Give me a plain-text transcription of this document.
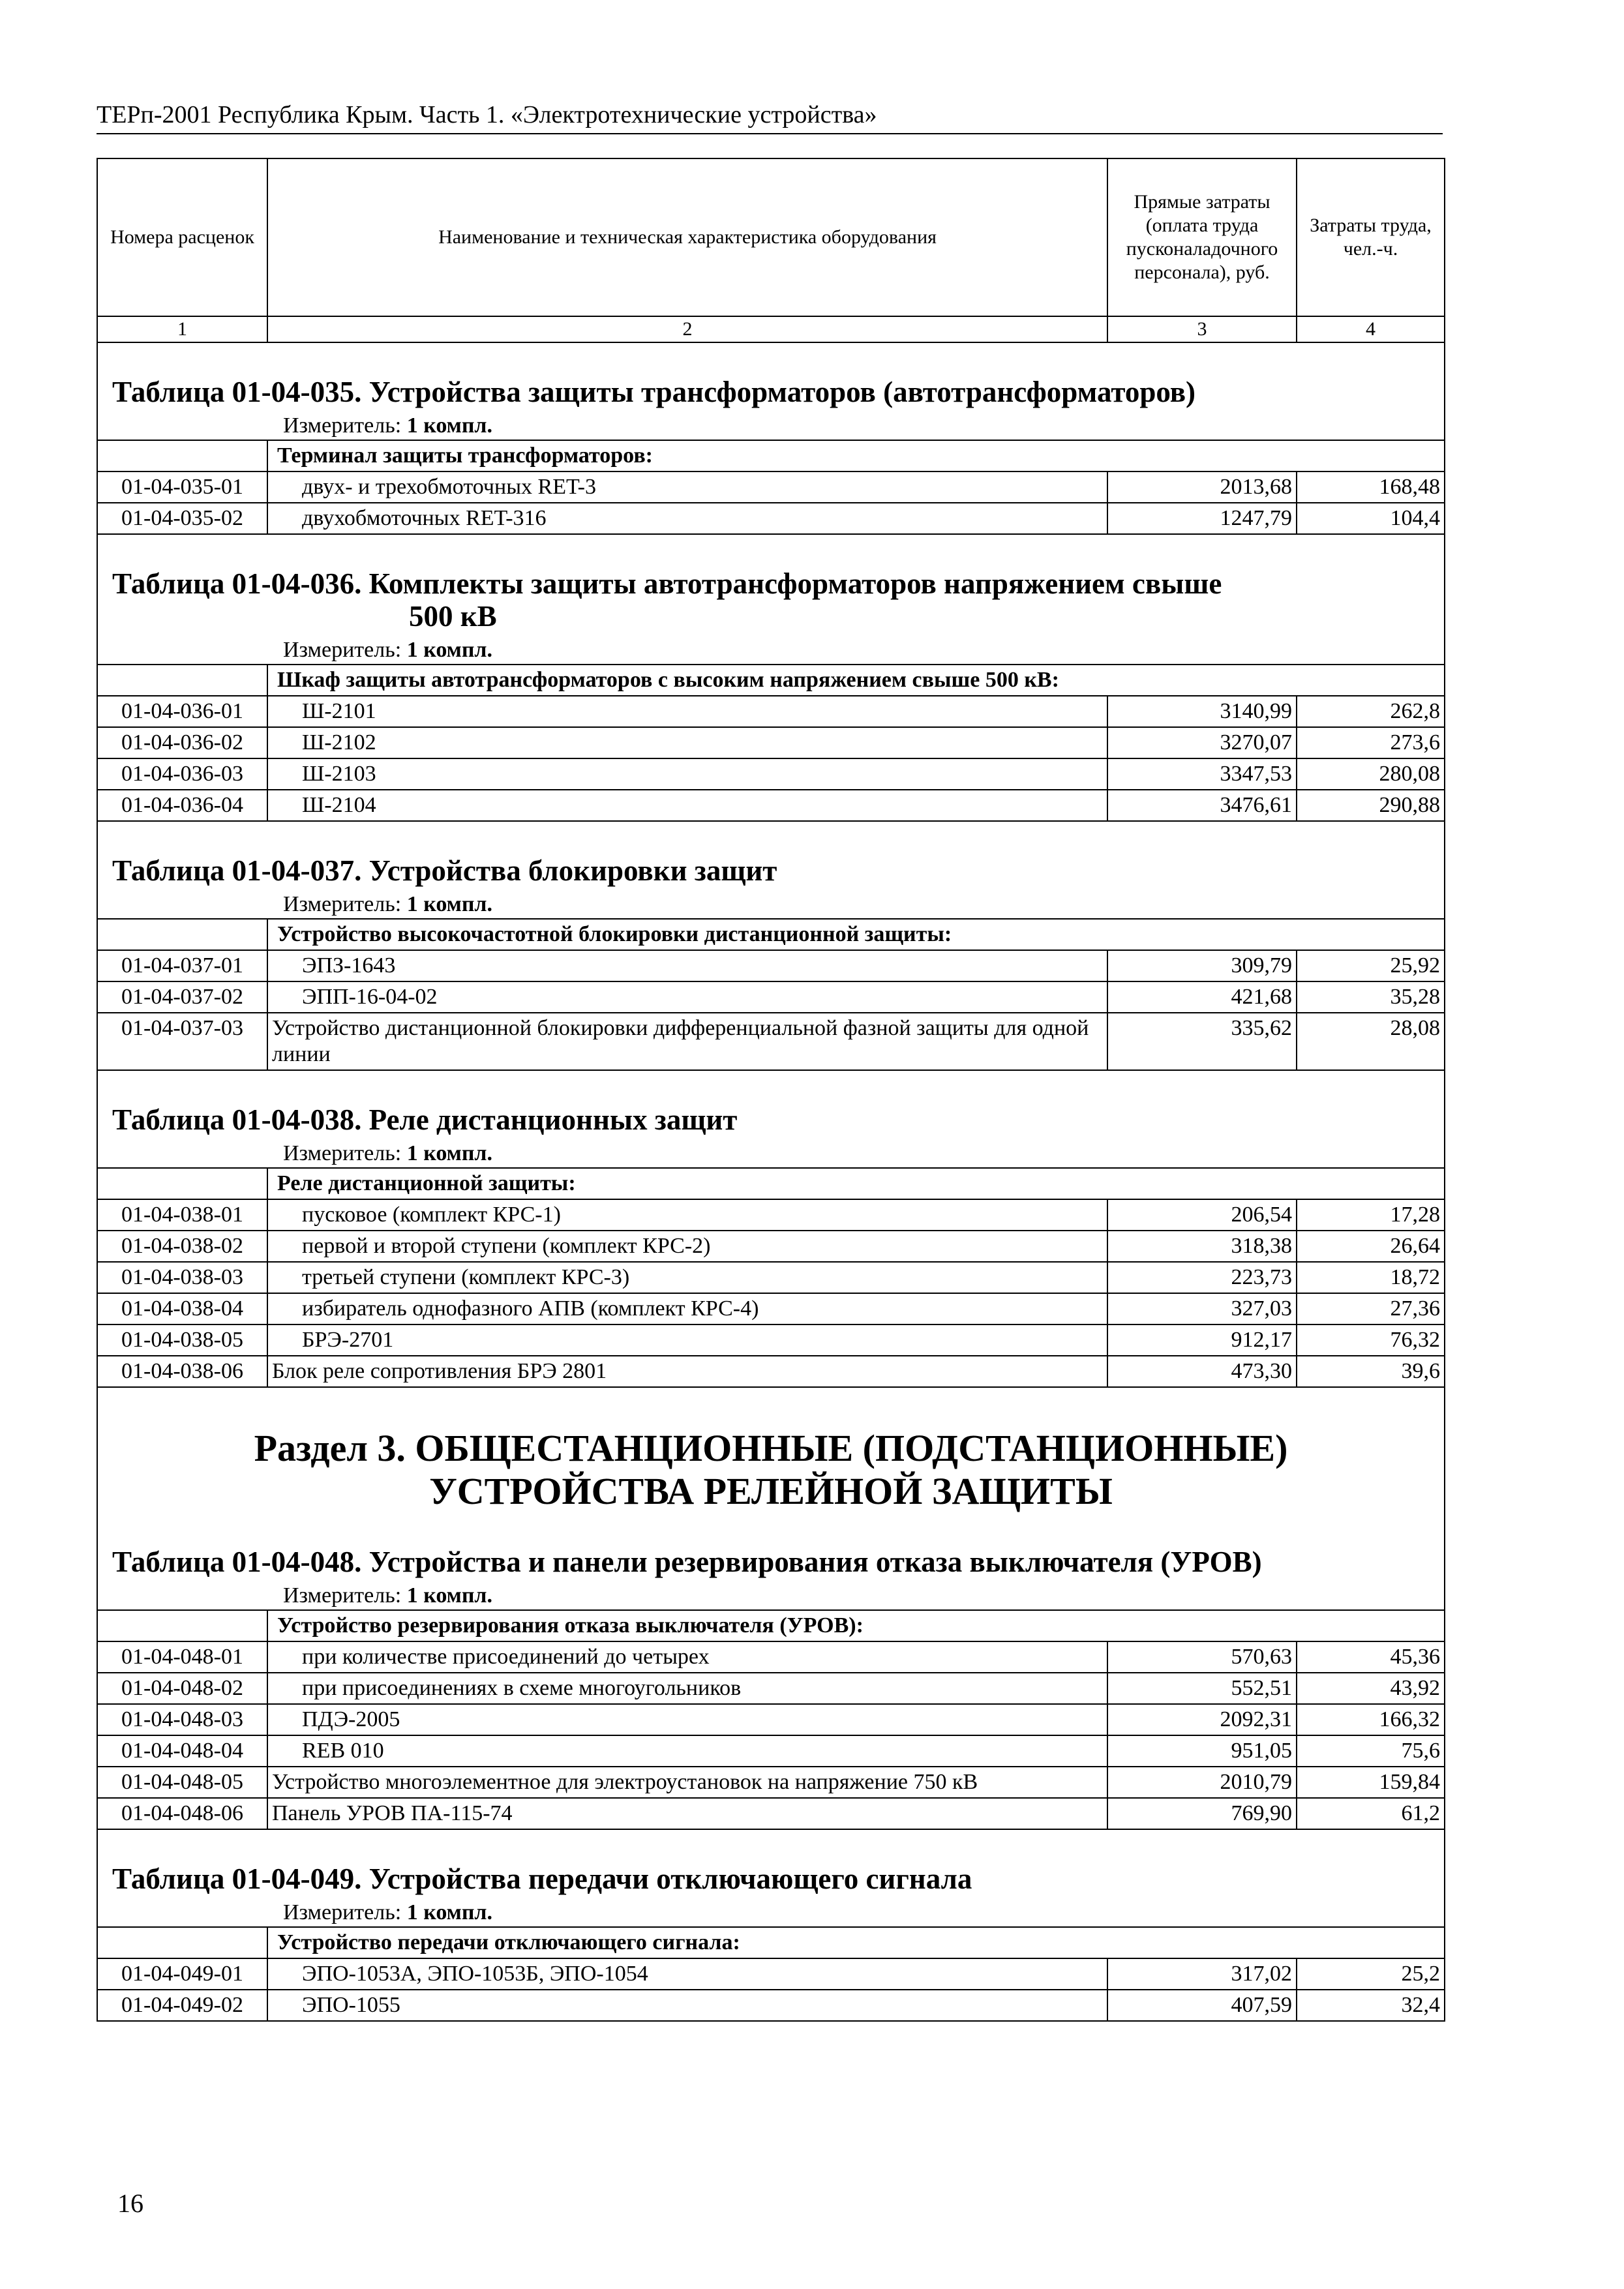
ТЕРп-2001 Республика Крым. Часть 1. «Электротехнические устройства»
Номера расценок	Наименование и техническая характеристика оборудования	Прямые затраты (оплата труда пусконаладочного персонала), руб.	Затраты труда, чел.-ч.
1	2	3	4
Таблица 01-04-035. Устройства защиты трансформаторов (автотрансформаторов)
Измеритель: 1 компл.
	Терминал защиты трансформаторов:		
01-04-035-01	двух- и трехобмоточных RET-3	2013,68	168,48
01-04-035-02	двухобмоточных RET-316	1247,79	104,4
Таблица 01-04-036. Комплекты защиты автотрансформаторов напряжением свыше
500 кВ
Измеритель: 1 компл.
	Шкаф защиты автотрансформаторов с высоким напряжением свыше 500 кВ:		
01-04-036-01	Ш-2101	3140,99	262,8
01-04-036-02	Ш-2102	3270,07	273,6
01-04-036-03	Ш-2103	3347,53	280,08
01-04-036-04	Ш-2104	3476,61	290,88
Таблица 01-04-037. Устройства блокировки защит
Измеритель: 1 компл.
	Устройство высокочастотной блокировки дистанционной защиты:		
01-04-037-01	ЭПЗ-1643	309,79	25,92
01-04-037-02	ЭПП-16-04-02	421,68	35,28
01-04-037-03	Устройство дистанционной блокировки дифференциальной фазной защиты для одной линии	335,62	28,08
Таблица 01-04-038. Реле дистанционных защит
Измеритель: 1 компл.
	Реле дистанционной защиты:		
01-04-038-01	пусковое (комплект КРС-1)	206,54	17,28
01-04-038-02	первой и второй ступени (комплект КРС-2)	318,38	26,64
01-04-038-03	третьей ступени (комплект КРС-3)	223,73	18,72
01-04-038-04	избиратель однофазного АПВ (комплект КРС-4)	327,03	27,36
01-04-038-05	БРЭ-2701	912,17	76,32
01-04-038-06	Блок реле сопротивления БРЭ 2801	473,30	39,6
Раздел 3. ОБЩЕСТАНЦИОННЫЕ (ПОДСТАНЦИОННЫЕ)
УСТРОЙСТВА РЕЛЕЙНОЙ ЗАЩИТЫ
Таблица 01-04-048. Устройства и панели резервирования отказа выключателя (УРОВ)
Измеритель: 1 компл.
	Устройство резервирования отказа выключателя (УРОВ):		
01-04-048-01	при количестве присоединений до четырех	570,63	45,36
01-04-048-02	при присоединениях в схеме многоугольников	552,51	43,92
01-04-048-03	ПДЭ-2005	2092,31	166,32
01-04-048-04	REB 010	951,05	75,6
01-04-048-05	Устройство многоэлементное для электроустановок на напряжение 750 кВ	2010,79	159,84
01-04-048-06	Панель УРОВ ПА-115-74	769,90	61,2
Таблица 01-04-049. Устройства передачи отключающего сигнала
Измеритель: 1 компл.
	Устройство передачи отключающего сигнала:		
01-04-049-01	ЭПО-1053А, ЭПО-1053Б, ЭПО-1054	317,02	25,2
01-04-049-02	ЭПО-1055	407,59	32,4
16
